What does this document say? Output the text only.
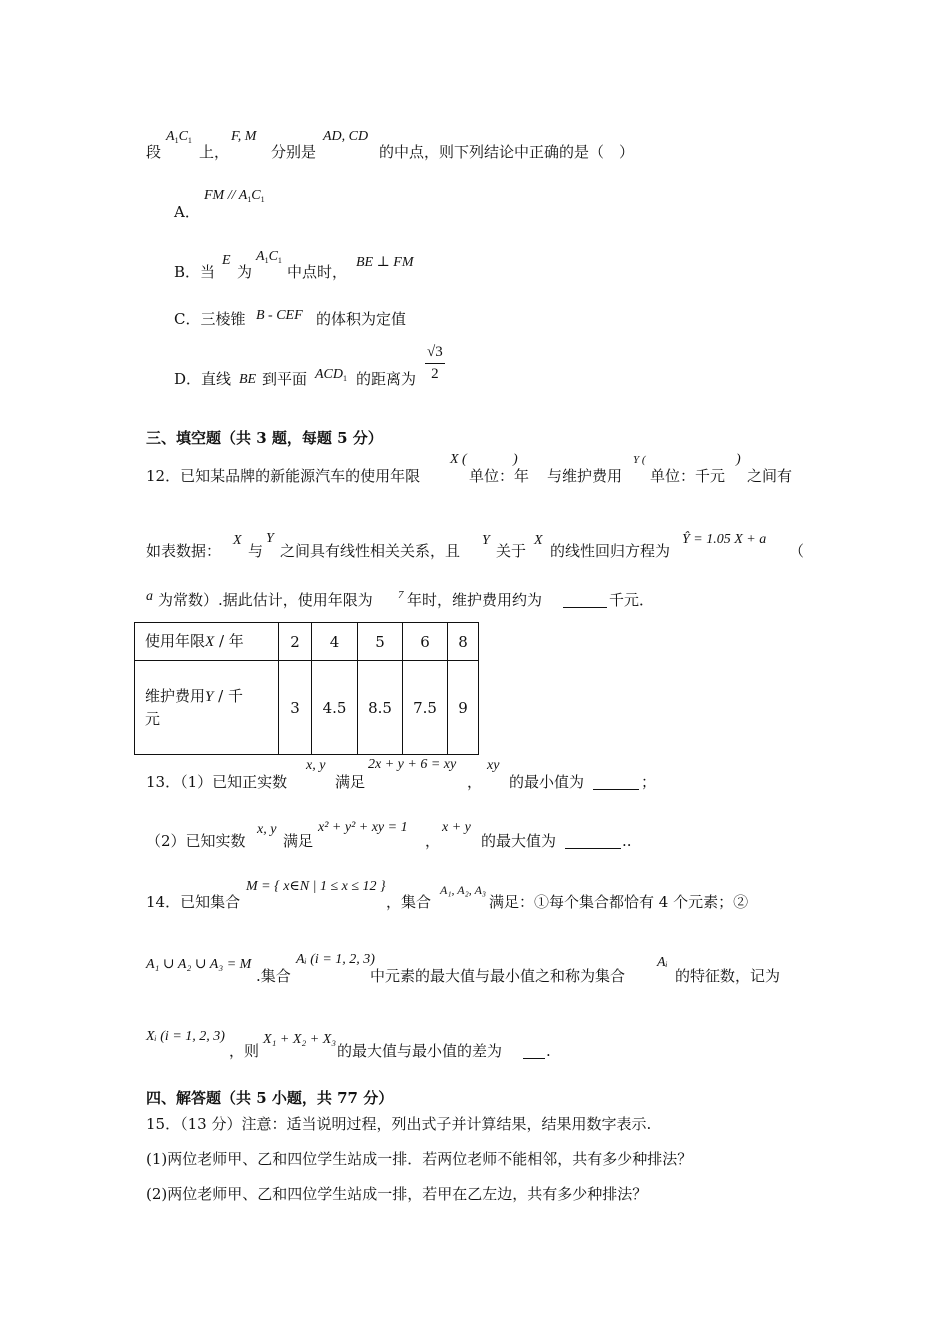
段
$A_1C_1$
上，
F, M
分别是
AD, CD
的中点，则下列结论中正确的是（　）
A．
FM // $A_1C_1$
B．当
E
为
$A_1C_1$
中点时，
BE ⊥ FM
C．三棱锥 B - CEF 的体积为定值
D．直线 BE 到平面 $ACD_1$ 的距离为 $\frac{√3}{2}$
三、填空题（共 3 题，每题 5 分）
12．已知某品牌的新能源汽车的使用年限
X (	)
单位：年 与维护费用
Y (	)
单位：千元 之间有
如表数据：
X
与
Y
之间具有线性相关关系，且
Y
关于
X
的线性回归方程为
Ŷ = 1.05 X + a
（
a 为常数）.据此估计，使用年限为 7 年时，维护费用约为	千元．
使用年限X / 年	2	4	5	6	8
维护费用Y / 千
元	3	4.5	8.5	7.5	9
13．（1）已知正实数
x, y
满足
2x + y + 6 = xy
，
xy
的最小值为	；
（2）已知实数
x, y
满足
x² + y² + xy = 1
，
x + y
的最大值为	..
14．已知集合
M = { x∈N | 1 ≤ x ≤ 12 }
，集合
A₁, A₂, A₃
满足：①每个集合都恰有 4 个元素；②
A₁ ∪ A₂ ∪ A₃ = M
.集合
Aᵢ (i = 1, 2, 3)
中元素的最大值与最小值之和称为集合
Aᵢ
的特征数，记为
Xᵢ (i = 1, 2, 3)
，则
X₁ + X₂ + X₃
的最大值与最小值的差为	.
四、解答题（共 5 小题，共 77 分）
15．（13 分）注意：适当说明过程，列出式子并计算结果，结果用数字表示.
(1)两位老师甲、乙和四位学生站成一排．若两位老师不能相邻，共有多少种排法？
(2)两位老师甲、乙和四位学生站成一排，若甲在乙左边，共有多少种排法？
